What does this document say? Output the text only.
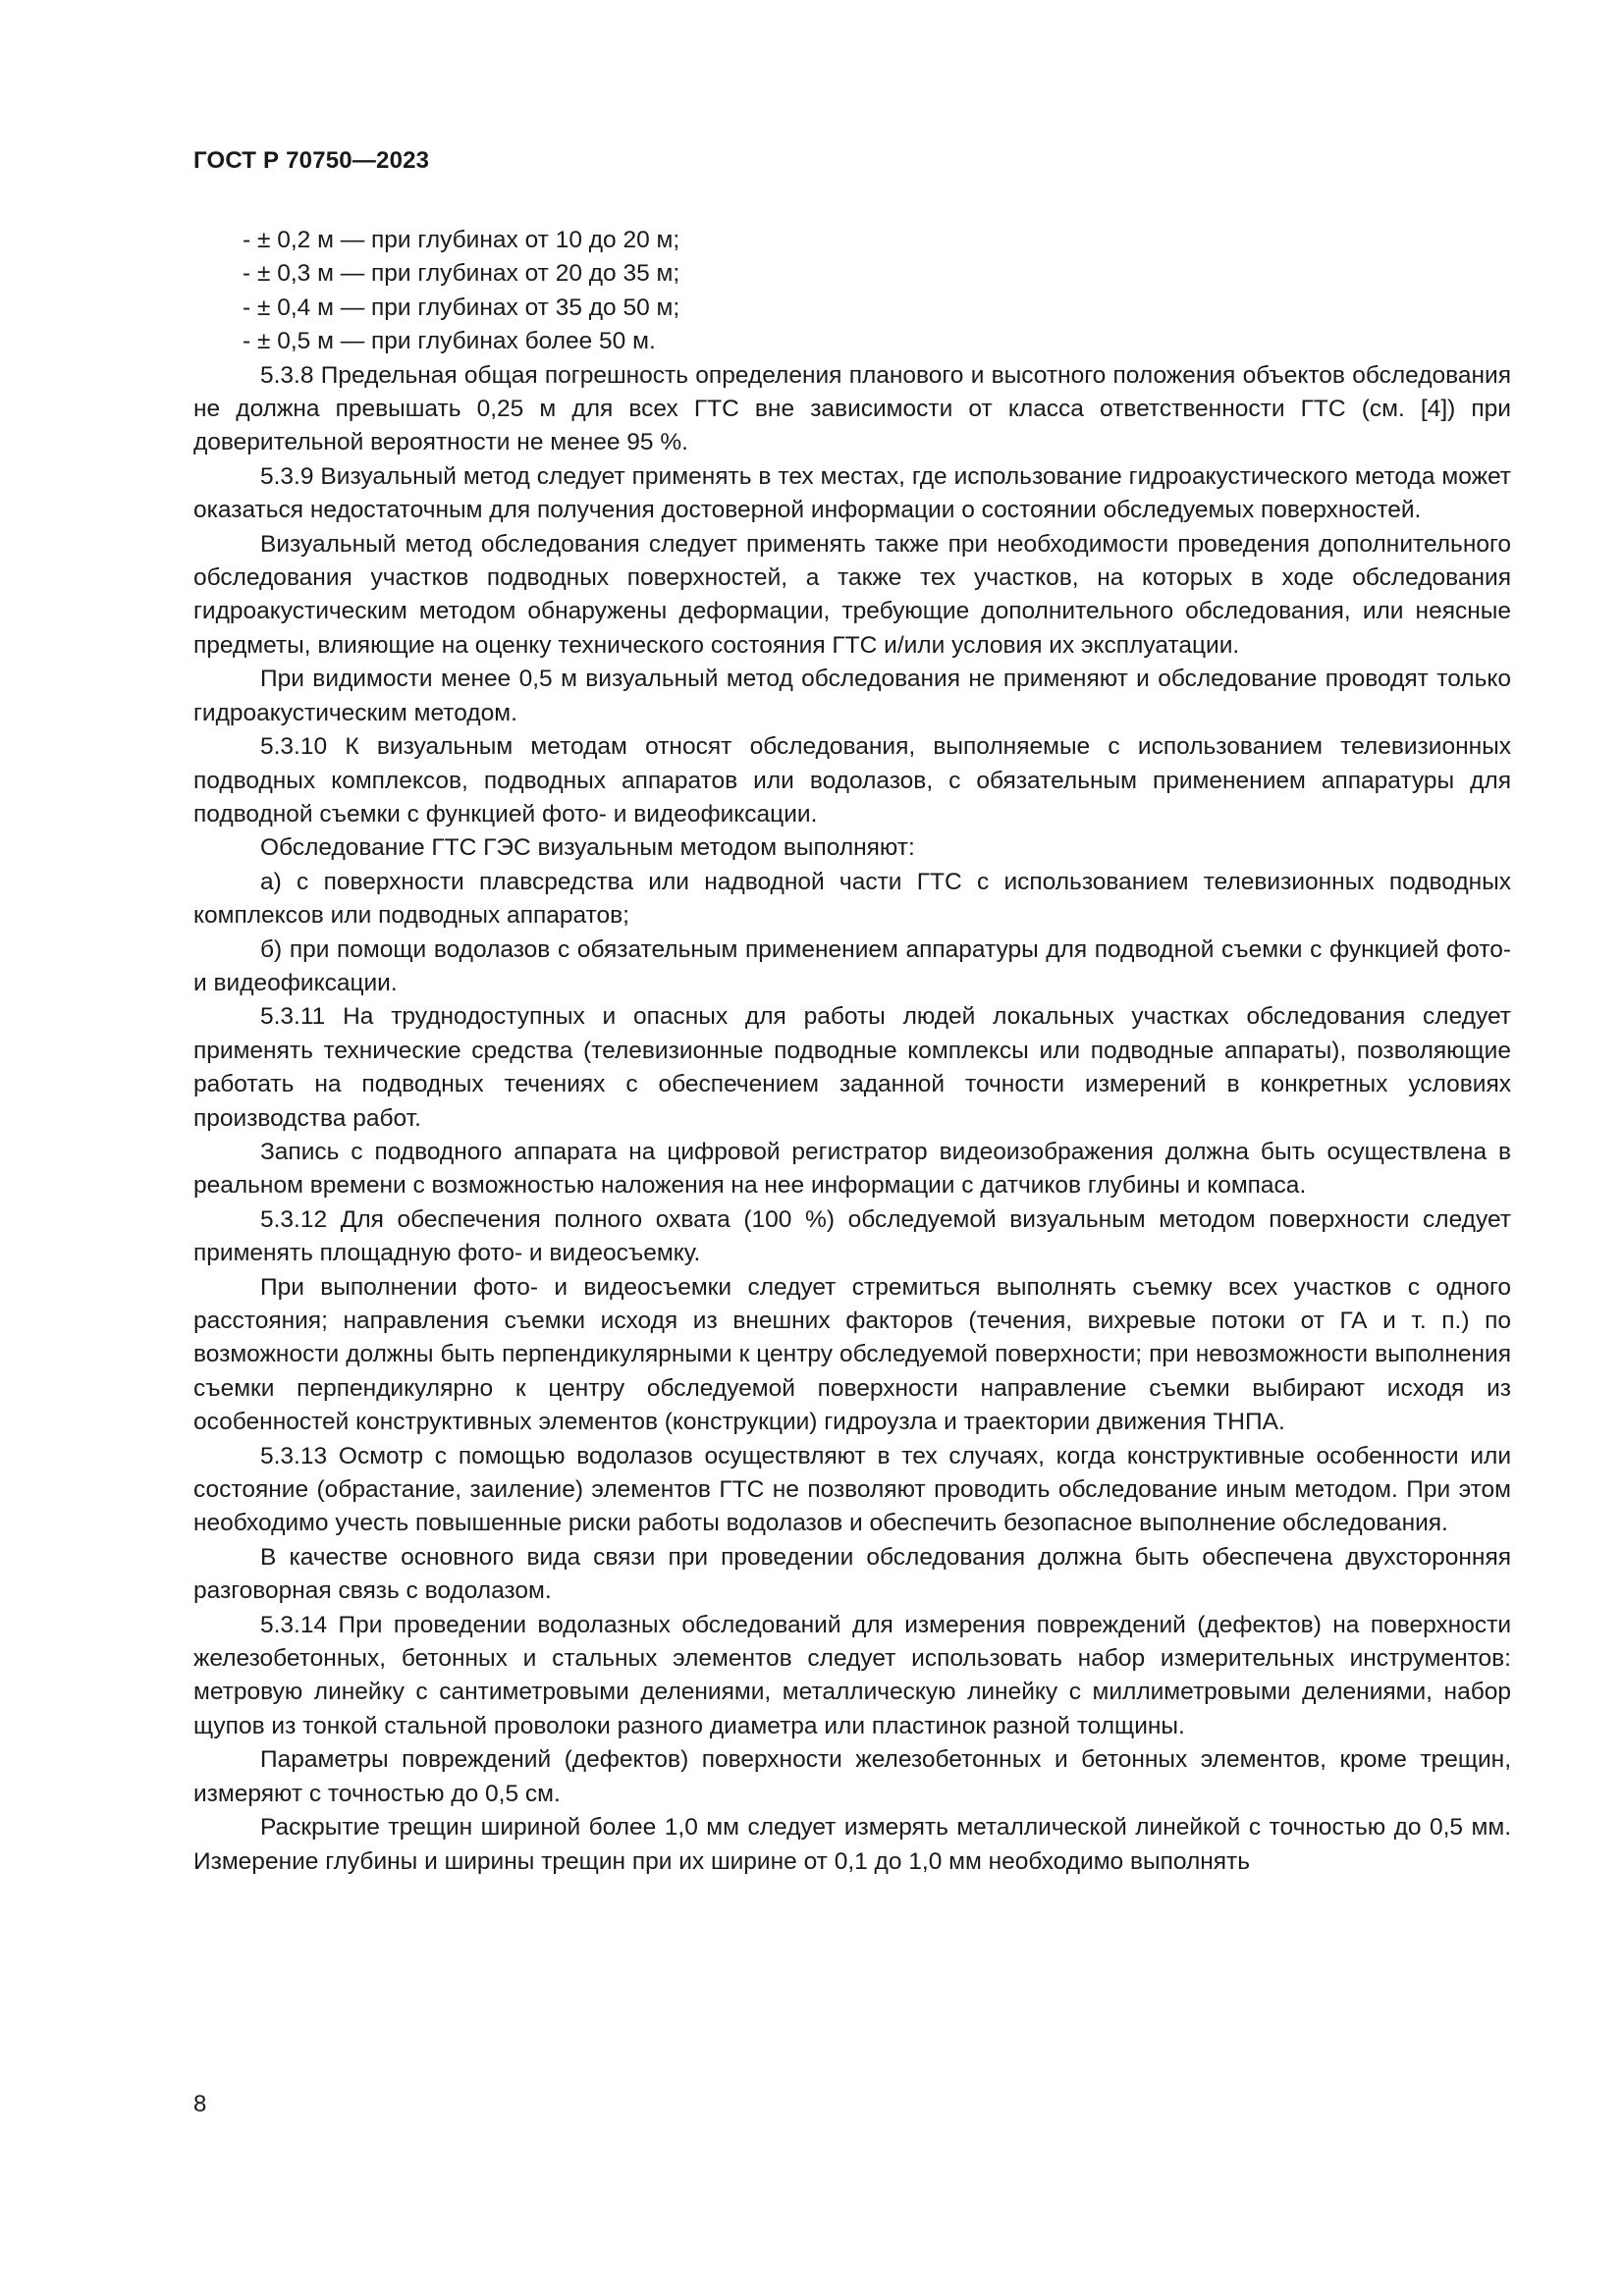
ГОСТ Р 70750—2023
- ± 0,2 м — при глубинах от 10 до 20 м;
- ± 0,3 м — при глубинах от 20 до 35 м;
- ± 0,4 м — при глубинах от 35 до 50 м;
- ± 0,5 м — при глубинах более 50 м.

5.3.8 Предельная общая погрешность определения планового и высотного положения объектов обследования не должна превышать 0,25 м для всех ГТС вне зависимости от класса ответственности ГТС (см. [4]) при доверительной вероятности не менее 95 %.

5.3.9 Визуальный метод следует применять в тех местах, где использование гидроакустического метода может оказаться недостаточным для получения достоверной информации о состоянии обследуемых поверхностей.

Визуальный метод обследования следует применять также при необходимости проведения дополнительного обследования участков подводных поверхностей, а также тех участков, на которых в ходе обследования гидроакустическим методом обнаружены деформации, требующие дополнительного обследования, или неясные предметы, влияющие на оценку технического состояния ГТС и/или условия их эксплуатации.

При видимости менее 0,5 м визуальный метод обследования не применяют и обследование проводят только гидроакустическим методом.

5.3.10 К визуальным методам относят обследования, выполняемые с использованием телевизионных подводных комплексов, подводных аппаратов или водолазов, с обязательным применением аппаратуры для подводной съемки с функцией фото- и видеофиксации.

Обследование ГТС ГЭС визуальным методом выполняют:

а) с поверхности плавсредства или надводной части ГТС с использованием телевизионных подводных комплексов или подводных аппаратов;

б) при помощи водолазов с обязательным применением аппаратуры для подводной съемки с функцией фото- и видеофиксации.

5.3.11 На труднодоступных и опасных для работы людей локальных участках обследования следует применять технические средства (телевизионные подводные комплексы или подводные аппараты), позволяющие работать на подводных течениях с обеспечением заданной точности измерений в конкретных условиях производства работ.

Запись с подводного аппарата на цифровой регистратор видеоизображения должна быть осуществлена в реальном времени с возможностью наложения на нее информации с датчиков глубины и компаса.

5.3.12 Для обеспечения полного охвата (100 %) обследуемой визуальным методом поверхности следует применять площадную фото- и видеосъемку.

При выполнении фото- и видеосъемки следует стремиться выполнять съемку всех участков с одного расстояния; направления съемки исходя из внешних факторов (течения, вихревые потоки от ГА и т. п.) по возможности должны быть перпендикулярными к центру обследуемой поверхности; при невозможности выполнения съемки перпендикулярно к центру обследуемой поверхности направление съемки выбирают исходя из особенностей конструктивных элементов (конструкции) гидроузла и траектории движения ТНПА.

5.3.13 Осмотр с помощью водолазов осуществляют в тех случаях, когда конструктивные особенности или состояние (обрастание, заиление) элементов ГТС не позволяют проводить обследование иным методом. При этом необходимо учесть повышенные риски работы водолазов и обеспечить безопасное выполнение обследования.

В качестве основного вида связи при проведении обследования должна быть обеспечена двухсторонняя разговорная связь с водолазом.

5.3.14 При проведении водолазных обследований для измерения повреждений (дефектов) на поверхности железобетонных, бетонных и стальных элементов следует использовать набор измерительных инструментов: метровую линейку с сантиметровыми делениями, металлическую линейку с миллиметровыми делениями, набор щупов из тонкой стальной проволоки разного диаметра или пластинок разной толщины.

Параметры повреждений (дефектов) поверхности железобетонных и бетонных элементов, кроме трещин, измеряют с точностью до 0,5 см.

Раскрытие трещин шириной более 1,0 мм следует измерять металлической линейкой с точностью до 0,5 мм. Измерение глубины и ширины трещин при их ширине от 0,1 до 1,0 мм необходимо выполнять

8
